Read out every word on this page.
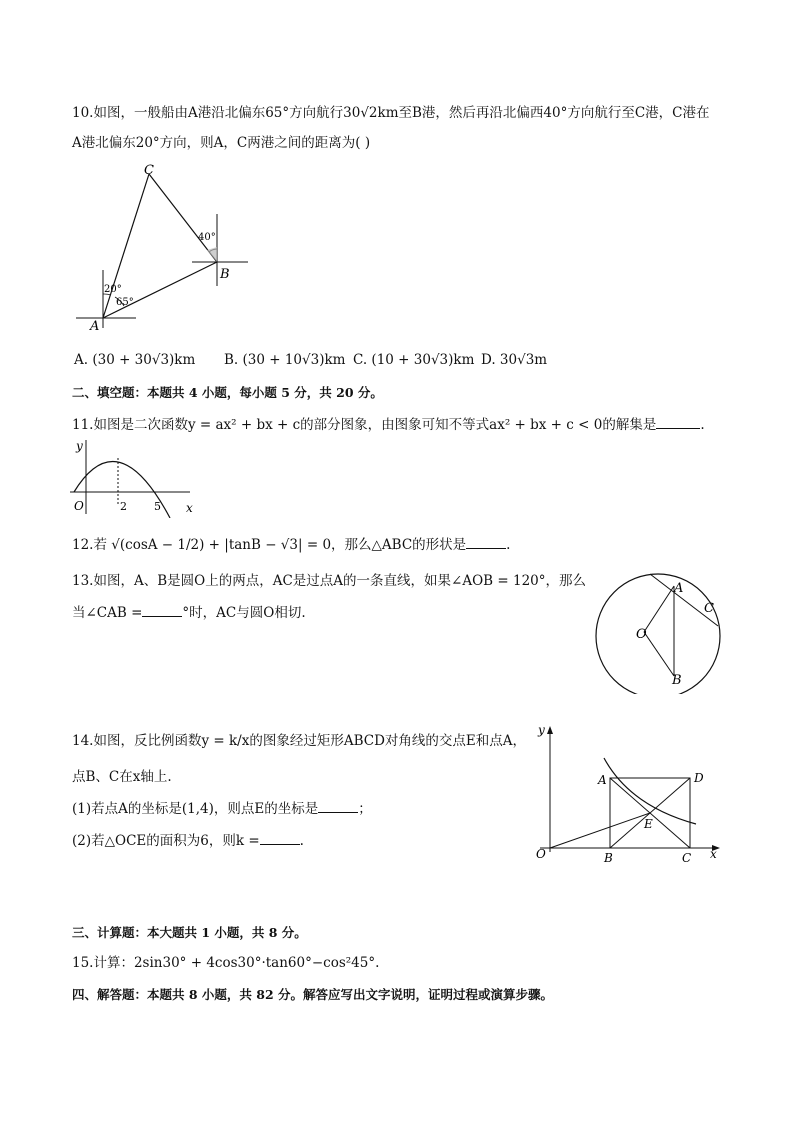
10.如图，一般船由A港沿北偏东65°方向航行30√2km至B港，然后再沿北偏西40°方向航行至C港，C港在
A港北偏东20°方向，则A，C两港之间的距离为( )
C
B
A
40°
20°
65°
A. (30 + 30√3)km B. (30 + 10√3)km C. (10 + 30√3)km D. 30√3m
二、填空题：本题共 4 小题，每小题 5 分，共 20 分。
11.如图是二次函数y = ax² + bx + c的部分图象，由图象可知不等式ax² + bx + c < 0的解集是	.
y
x
O	2 5
12.若 √(cosA − 1/2) + |tanB − √3| = 0，那么△ABC的形状是	.
13.如图，A、B是圆O上的两点，AC是过点A的一条直线，如果∠AOB = 120°，那么
当∠CAB =	°时，AC与圆O相切.
A
B
C
O
14.如图，反比例函数y = k/x的图象经过矩形ABCD对角线的交点E和点A，
点B、C在x轴上.
(1)若点A的坐标是(1,4)，则点E的坐标是	；
(2)若△OCE的面积为6，则k =	.
y
x
O
A
B	C
D
E
三、计算题：本大题共 1 小题，共 8 分。
15.计算：2sin30° + 4cos30°·tan60°−cos²45°.
四、解答题：本题共 8 小题，共 82 分。解答应写出文字说明，证明过程或演算步骤。
